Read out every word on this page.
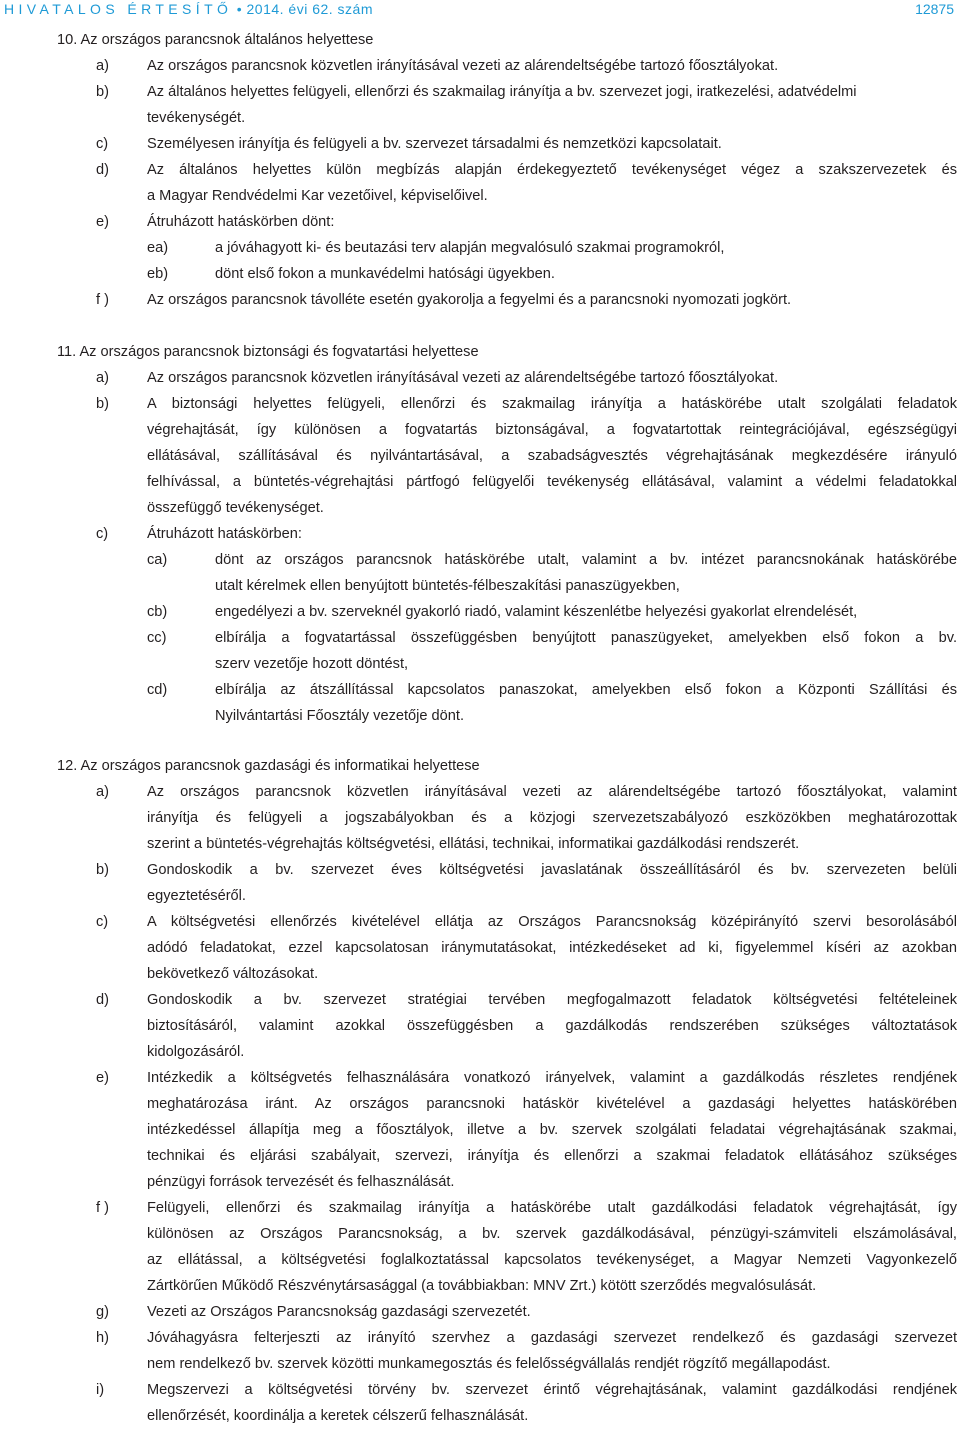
HIVATALOS ÉRTESÍTŐ • 2014. évi 62. szám	12875
10. Az országos parancsnok általános helyettese
a)	Az országos parancsnok közvetlen irányításával vezeti az alárendeltségébe tartozó főosztályokat.
b)	Az általános helyettes felügyeli, ellenőrzi és szakmailag irányítja a bv. szervezet jogi, iratkezelési, adatvédelmi
tevékenységét.
c)	Személyesen irányítja és felügyeli a bv. szervezet társadalmi és nemzetközi kapcsolatait.
d)	Az általános helyettes külön megbízás alapján érdekegyeztető tevékenységet végez a szakszervezetek és
a Magyar Rendvédelmi Kar vezetőivel, képviselőivel.
e)	Átruházott hatáskörben dönt:
ea)	a jóváhagyott ki- és beutazási terv alapján megvalósuló szakmai programokról,
eb)	dönt első fokon a munkavédelmi hatósági ügyekben.
f )	Az országos parancsnok távolléte esetén gyakorolja a fegyelmi és a parancsnoki nyomozati jogkört.
11. Az országos parancsnok biztonsági és fogvatartási helyettese
a)	Az országos parancsnok közvetlen irányításával vezeti az alárendeltségébe tartozó főosztályokat.
b)	A biztonsági helyettes felügyeli, ellenőrzi és szakmailag irányítja a hatáskörébe utalt szolgálati feladatok
végrehajtását, így különösen a fogvatartás biztonságával, a fogvatartottak reintegrációjával, egészségügyi
ellátásával, szállításával és nyilvántartásával, a szabadságvesztés végrehajtásának megkezdésére irányuló
felhívással, a büntetés-végrehajtási pártfogó felügyelői tevékenység ellátásával, valamint a védelmi feladatokkal
összefüggő tevékenységet.
c)	Átruházott hatáskörben:
ca)	dönt az országos parancsnok hatáskörébe utalt, valamint a bv. intézet parancsnokának hatáskörébe
utalt kérelmek ellen benyújtott büntetés-félbeszakítási panaszügyekben,
cb)	engedélyezi a bv. szerveknél gyakorló riadó, valamint készenlétbe helyezési gyakorlat elrendelését,
cc)	elbírálja a fogvatartással összefüggésben benyújtott panaszügyeket, amelyekben első fokon a bv.
szerv vezetője hozott döntést,
cd)	elbírálja az átszállítással kapcsolatos panaszokat, amelyekben első fokon a Központi Szállítási és
Nyilvántartási Főosztály vezetője dönt.
12. Az országos parancsnok gazdasági és informatikai helyettese
a)	Az országos parancsnok közvetlen irányításával vezeti az alárendeltségébe tartozó főosztályokat, valamint
irányítja és felügyeli a jogszabályokban és a közjogi szervezetszabályozó eszközökben meghatározottak
szerint a büntetés-végrehajtás költségvetési, ellátási, technikai, informatikai gazdálkodási rendszerét.
b)	Gondoskodik a bv. szervezet éves költségvetési javaslatának összeállításáról és bv. szervezeten belüli
egyeztetéséről.
c)	A költségvetési ellenőrzés kivételével ellátja az Országos Parancsnokság középirányító szervi besorolásából
adódó feladatokat, ezzel kapcsolatosan iránymutatásokat, intézkedéseket ad ki, figyelemmel kíséri az azokban
bekövetkező változásokat.
d)	Gondoskodik a bv. szervezet stratégiai tervében megfogalmazott feladatok költségvetési feltételeinek
biztosításáról, valamint azokkal összefüggésben a gazdálkodás rendszerében szükséges változtatások
kidolgozásáról.
e)	Intézkedik a költségvetés felhasználására vonatkozó irányelvek, valamint a gazdálkodás részletes rendjének
meghatározása iránt. Az országos parancsnoki hatáskör kivételével a gazdasági helyettes hatáskörében
intézkedéssel állapítja meg a főosztályok, illetve a bv. szervek szolgálati feladatai végrehajtásának szakmai,
technikai és eljárási szabályait, szervezi, irányítja és ellenőrzi a szakmai feladatok ellátásához szükséges
pénzügyi források tervezését és felhasználását.
f )	Felügyeli, ellenőrzi és szakmailag irányítja a hatáskörébe utalt gazdálkodási feladatok végrehajtását, így
különösen az Országos Parancsnokság, a bv. szervek gazdálkodásával, pénzügyi-számviteli elszámolásával,
az ellátással, a költségvetési foglalkoztatással kapcsolatos tevékenységet, a Magyar Nemzeti Vagyonkezelő
Zártkörűen Működő Részvénytársasággal (a továbbiakban: MNV Zrt.) kötött szerződés megvalósulását.
g)	Vezeti az Országos Parancsnokság gazdasági szervezetét.
h)	Jóváhagyásra felterjeszti az irányító szervhez a gazdasági szervezet rendelkező és gazdasági szervezet
nem rendelkező bv. szervek közötti munkamegosztás és felelősségvállalás rendjét rögzítő megállapodást.
i)	Megszervezi a költségvetési törvény bv. szervezet érintő végrehajtásának, valamint gazdálkodási rendjének
ellenőrzését, koordinálja a keretek célszerű felhasználását.
